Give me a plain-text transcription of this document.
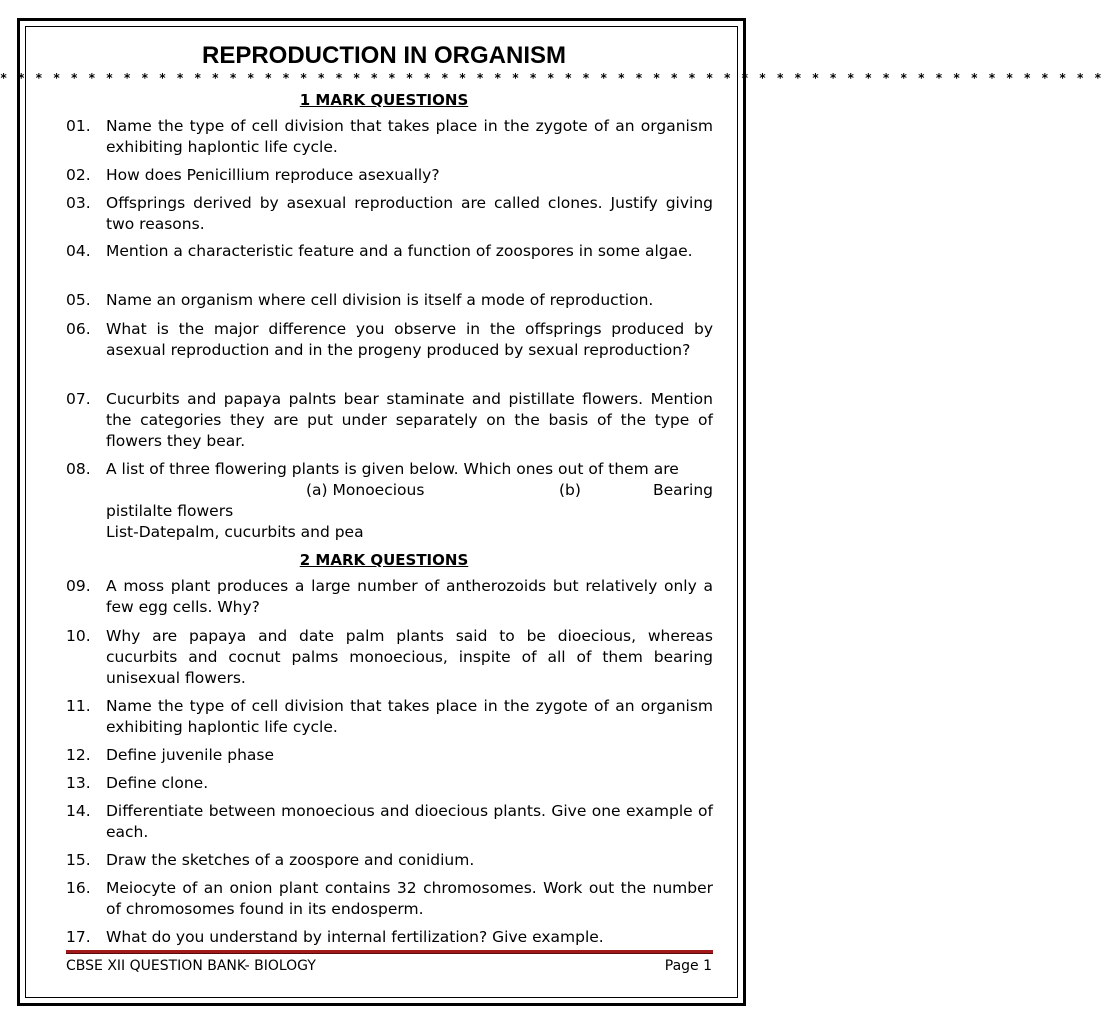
REPRODUCTION IN ORGANISM
* * * * * * * * * * * * * * * * * * * * * * * * * * * * * * * * * * * * * * * * * * * * * * * * * * * * * * * * * * * * * * *
1 MARK QUESTIONS
01. Name the type of cell division that takes place in the zygote of an organism exhibiting haplontic life cycle.
02. How does Penicillium reproduce asexually?
03. Offsprings derived by asexual reproduction are called clones. Justify giving two reasons.
04. Mention a characteristic feature and a function of zoospores in some algae.
05. Name an organism where cell division is itself a mode of reproduction.
06. What is the major difference you observe in the offsprings produced by asexual reproduction and in the progeny produced by sexual reproduction?
07. Cucurbits and papaya palnts bear staminate and pistillate flowers. Mention the categories they are put under separately on the basis of the type of flowers they bear.
08. A list of three flowering plants is given below. Which ones out of them are
(a) Monoecious	(b)	Bearing
pistilalte flowers
List-Datepalm, cucurbits and pea
2 MARK QUESTIONS
09. A moss plant produces a large number of antherozoids but relatively only a few egg cells. Why?
10. Why are papaya and date palm plants said to be dioecious, whereas cucurbits and cocnut palms monoecious, inspite of all of them bearing unisexual flowers.
11. Name the type of cell division that takes place in the zygote of an organism exhibiting haplontic life cycle.
12. Define juvenile phase
13. Define clone.
14. Differentiate between monoecious and dioecious plants. Give one example of each.
15. Draw the sketches of a zoospore and conidium.
16. Meiocyte of an onion plant contains 32 chromosomes. Work out the number of chromosomes found in its endosperm.
17. What do you understand by internal fertilization? Give example.
CBSE XII QUESTION BANK- BIOLOGY	Page 1
